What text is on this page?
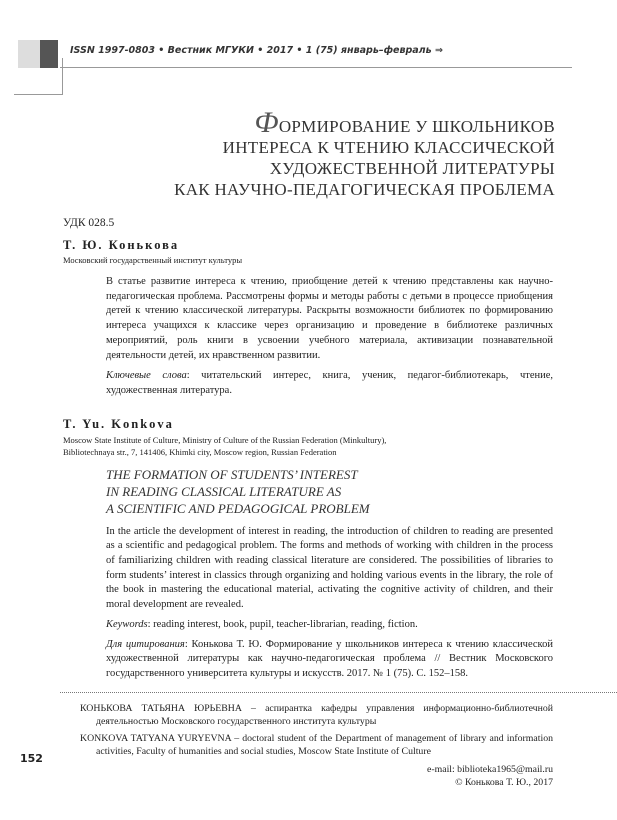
ISSN 1997-0803 • Вестник МГУКИ • 2017 • 1 (75) январь–февраль ⇒
152
ФОРМИРОВАНИЕ У ШКОЛЬНИКОВ
ИНТЕРЕСА К ЧТЕНИЮ КЛАССИЧЕСКОЙ
ХУДОЖЕСТВЕННОЙ ЛИТЕРАТУРЫ
КАК НАУЧНО-ПЕДАГОГИЧЕСКАЯ ПРОБЛЕМА
УДК 028.5
Т. Ю. Конькова
Московский государственный институт культуры
В статье развитие интереса к чтению, приобщение детей к чтению представлены как научно-педагогическая проблема. Рассмотрены формы и методы работы с детьми в процессе приобщения детей к чтению классической литературы. Раскрыты возможности библиотек по формированию интереса учащихся к классике через организацию и проведение в библиотеке различных мероприятий, роль книги в усвоении учебного материала, активизации познавательной деятельности детей, их нравственном развитии.
Ключевые слова: читательский интерес, книга, ученик, педагог-библиотекарь, чтение, художественная литература.
T. Yu. Konkova
Moscow State Institute of Culture, Ministry of Culture of the Russian Federation (Minkultury),
Bibliotechnaya str., 7, 141406, Khimki city, Moscow region, Russian Federation
THE FORMATION OF STUDENTS’ INTEREST
IN READING CLASSICAL LITERATURE AS
A SCIENTIFIC AND PEDAGOGICAL PROBLEM
In the article the development of interest in reading, the introduction of children to reading are presented as a scientific and pedagogical problem. The forms and methods of working with children in the process of familiarizing children with reading classical literature are considered. The possibilities of libraries to form students’ interest in classics through organizing and holding various events in the library, the role of the book in mastering the educational material, activating the cognitive activity of children, and their moral development are revealed.
Keywords: reading interest, book, pupil, teacher-librarian, reading, fiction.
Для цитирования: Конькова Т. Ю. Формирование у школьников интереса к чтению классической художественной литературы как научно-педагогическая проблема // Вестник Московского государственного университета культуры и искусств. 2017. № 1 (75). С. 152–158.
КОНЬКОВА ТАТЬЯНА ЮРЬЕВНА – аспирантка кафедры управления информационно-библиотечной деятельностью Московского государственного института культуры
KONKOVA TATYANA YURYEVNA – doctoral student of the Department of management of library and information activities, Faculty of humanities and social studies, Moscow State Institute of Culture
e-mail: biblioteka1965@mail.ru
© Конькова Т. Ю., 2017
